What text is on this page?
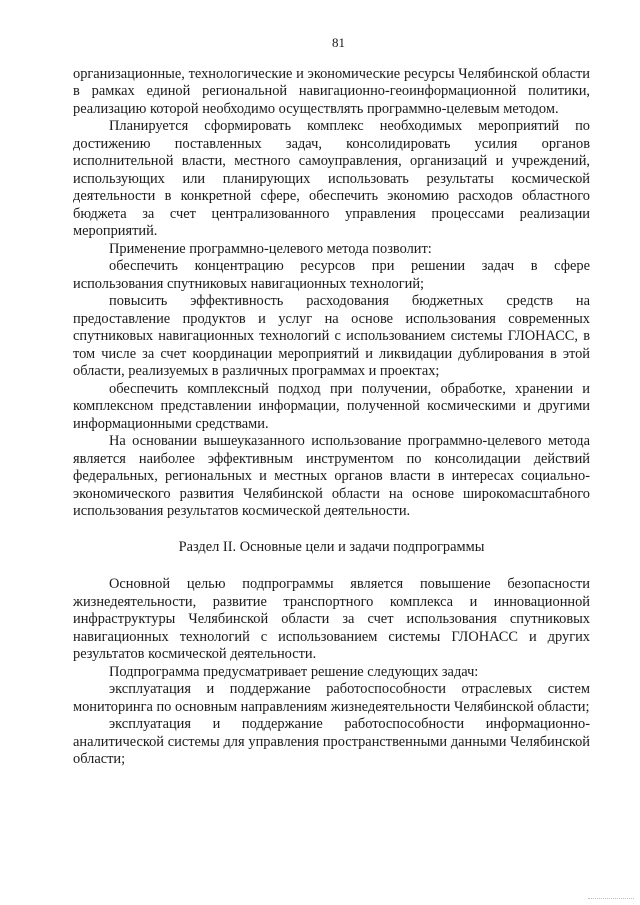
81

организационные, технологические и экономические ресурсы Челябинской области в рамках единой региональной навигационно-геоинформационной политики, реализацию которой необходимо осуществлять программно-целевым методом.

Планируется сформировать комплекс необходимых мероприятий по достижению поставленных задач, консолидировать усилия органов исполнительной власти, местного самоуправления, организаций и учреждений, использующих или планирующих использовать результаты космической деятельности в конкретной сфере, обеспечить экономию расходов областного бюджета за счет централизованного управления процессами реализации мероприятий.

Применение программно-целевого метода позволит:

обеспечить концентрацию ресурсов при решении задач в сфере использования спутниковых навигационных технологий;

повысить эффективность расходования бюджетных средств на предоставление продуктов и услуг на основе использования современных спутниковых навигационных технологий с использованием системы ГЛОНАСС, в том числе за счет координации мероприятий и ликвидации дублирования в этой области, реализуемых в различных программах и проектах;

обеспечить комплексный подход при получении, обработке, хранении и комплексном представлении информации, полученной космическими и другими информационными средствами.

На основании вышеуказанного использование программно-целевого метода является наиболее эффективным инструментом по консолидации действий федеральных, региональных и местных органов власти в интересах социально-экономического развития Челябинской области на основе широкомасштабного использования результатов космической деятельности.

Раздел II. Основные цели и задачи подпрограммы

Основной целью подпрограммы является повышение безопасности жизнедеятельности, развитие транспортного комплекса и инновационной инфраструктуры Челябинской области за счет использования спутниковых навигационных технологий с использованием системы ГЛОНАСС и других результатов космической деятельности.

Подпрограмма предусматривает решение следующих задач:

эксплуатация и поддержание работоспособности отраслевых систем мониторинга по основным направлениям жизнедеятельности Челябинской области;

эксплуатация и поддержание работоспособности информационно-аналитической системы для управления пространственными данными Челябинской области;
